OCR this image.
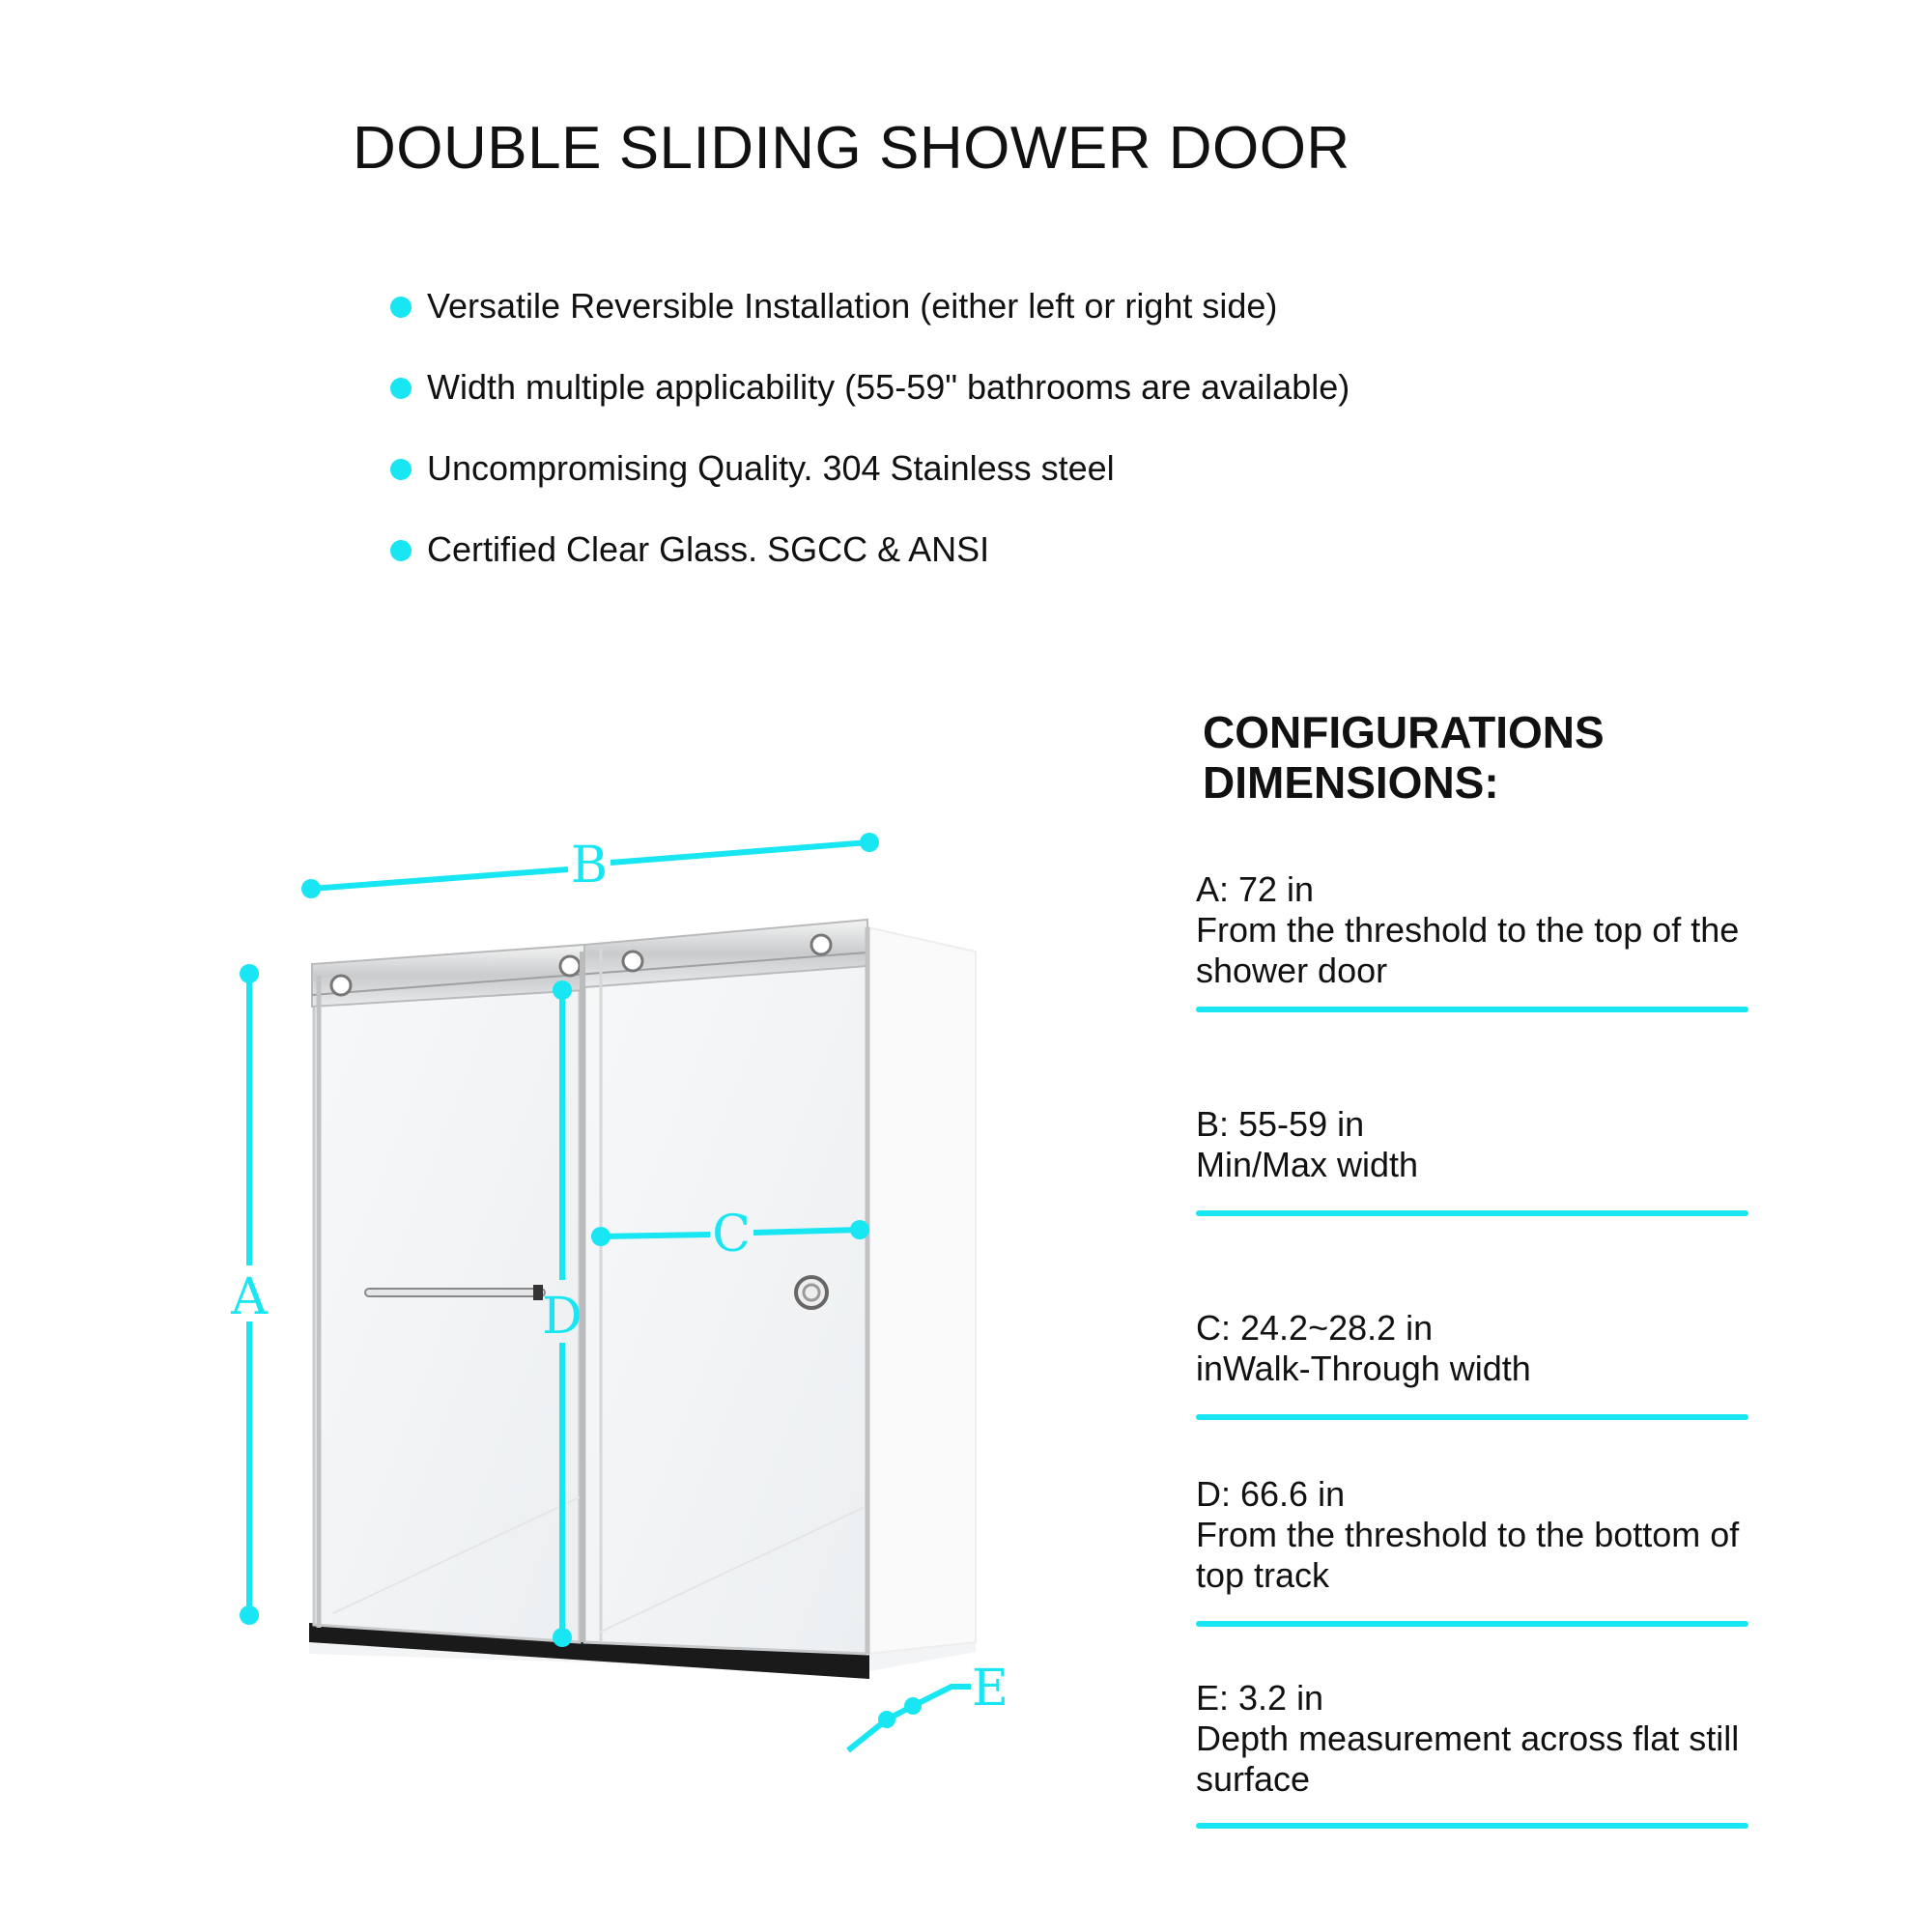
DOUBLE SLIDING SHOWER DOOR
Versatile Reversible Installation (either left or right side)
Width multiple applicability (55-59" bathrooms are available)
Uncompromising Quality. 304 Stainless steel
Certified Clear Glass. SGCC & ANSI
A
B
C
D
E
CONFIGURATIONS
DIMENSIONS:
A: 72 in
From the threshold to the top of the shower door
B: 55-59 in
Min/Max width
C: 24.2~28.2 in
inWalk-Through width
D: 66.6 in
From the threshold to the bottom of top track
E: 3.2 in
Depth measurement across flat still surface
